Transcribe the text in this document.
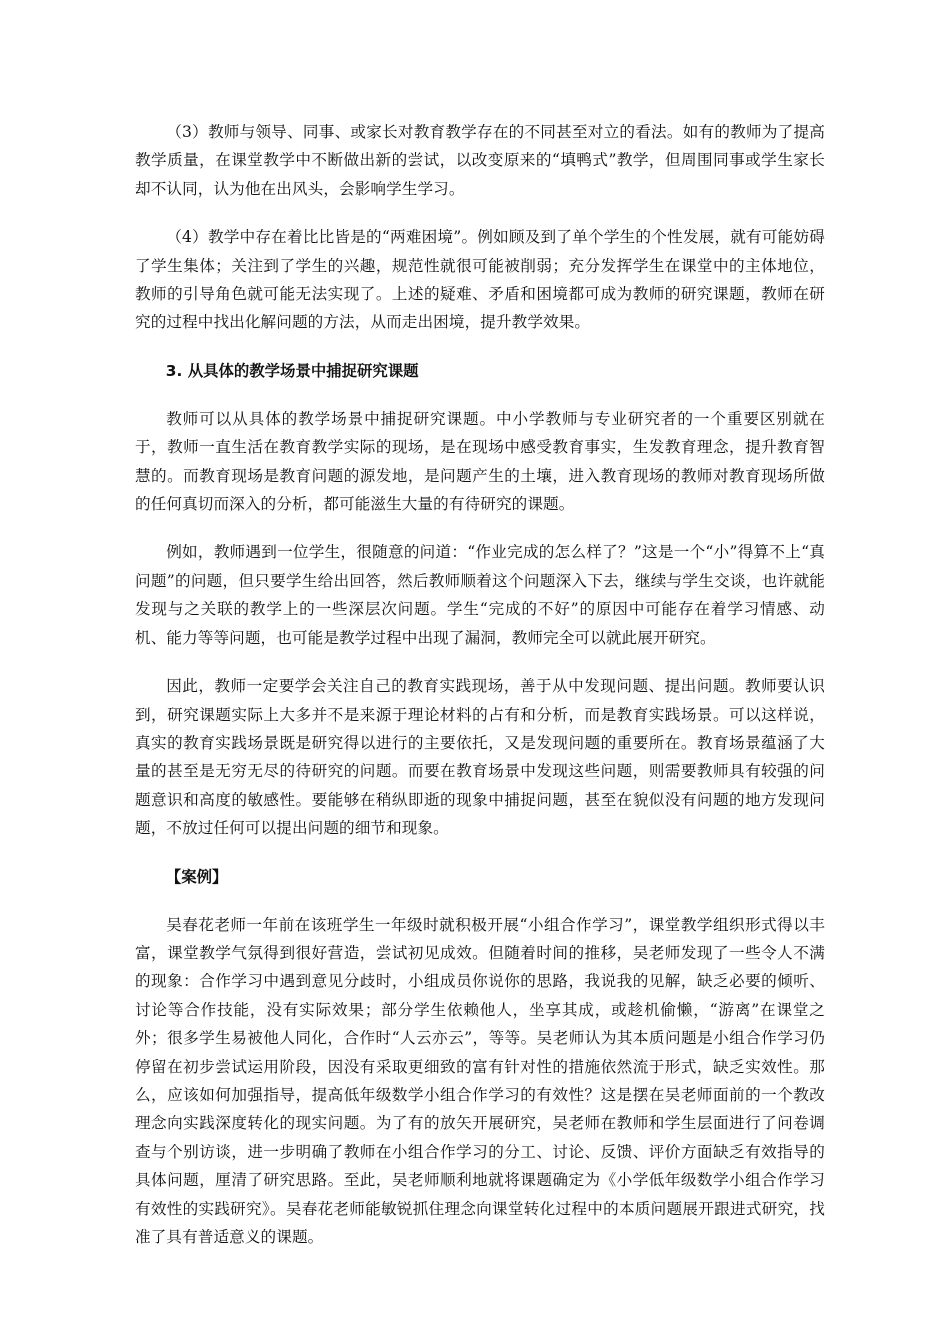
（3）教师与领导、同事、或家长对教育教学存在的不同甚至对立的看法。如有的教师为了提高教学质量，在课堂教学中不断做出新的尝试，以改变原来的“填鸭式”教学，但周围同事或学生家长却不认同，认为他在出风头，会影响学生学习。

（4）教学中存在着比比皆是的“两难困境”。例如顾及到了单个学生的个性发展，就有可能妨碍了学生集体；关注到了学生的兴趣，规范性就很可能被削弱；充分发挥学生在课堂中的主体地位，教师的引导角色就可能无法实现了。上述的疑难、矛盾和困境都可成为教师的研究课题，教师在研究的过程中找出化解问题的方法，从而走出困境，提升教学效果。

3. 从具体的教学场景中捕捉研究课题

教师可以从具体的教学场景中捕捉研究课题。中小学教师与专业研究者的一个重要区别就在于，教师一直生活在教育教学实际的现场，是在现场中感受教育事实，生发教育理念，提升教育智慧的。而教育现场是教育问题的源发地，是问题产生的土壤，进入教育现场的教师对教育现场所做的任何真切而深入的分析，都可能滋生大量的有待研究的课题。

例如，教师遇到一位学生，很随意的问道：“作业完成的怎么样了？”这是一个“小”得算不上“真问题”的问题，但只要学生给出回答，然后教师顺着这个问题深入下去，继续与学生交谈，也许就能发现与之关联的教学上的一些深层次问题。学生“完成的不好”的原因中可能存在着学习情感、动机、能力等等问题，也可能是教学过程中出现了漏洞，教师完全可以就此展开研究。

因此，教师一定要学会关注自己的教育实践现场，善于从中发现问题、提出问题。教师要认识到，研究课题实际上大多并不是来源于理论材料的占有和分析，而是教育实践场景。可以这样说，真实的教育实践场景既是研究得以进行的主要依托，又是发现问题的重要所在。教育场景蕴涵了大量的甚至是无穷无尽的待研究的问题。而要在教育场景中发现这些问题，则需要教师具有较强的问题意识和高度的敏感性。要能够在稍纵即逝的现象中捕捉问题，甚至在貌似没有问题的地方发现问题，不放过任何可以提出问题的细节和现象。

【案例】

吴春花老师一年前在该班学生一年级时就积极开展“小组合作学习”，课堂教学组织形式得以丰富，课堂教学气氛得到很好营造，尝试初见成效。但随着时间的推移，吴老师发现了一些令人不满的现象：合作学习中遇到意见分歧时，小组成员你说你的思路，我说我的见解，缺乏必要的倾听、讨论等合作技能，没有实际效果；部分学生依赖他人，坐享其成，或趁机偷懒，“游离”在课堂之外；很多学生易被他人同化，合作时“人云亦云”，等等。吴老师认为其本质问题是小组合作学习仍停留在初步尝试运用阶段，因没有采取更细致的富有针对性的措施依然流于形式，缺乏实效性。那么，应该如何加强指导，提高低年级数学小组合作学习的有效性？这是摆在吴老师面前的一个教改理念向实践深度转化的现实问题。为了有的放矢开展研究，吴老师在教师和学生层面进行了问卷调查与个别访谈，进一步明确了教师在小组合作学习的分工、讨论、反馈、评价方面缺乏有效指导的具体问题，厘清了研究思路。至此，吴老师顺利地就将课题确定为《小学低年级数学小组合作学习有效性的实践研究》。吴春花老师能敏锐抓住理念向课堂转化过程中的本质问题展开跟进式研究，找准了具有普适意义的课题。
